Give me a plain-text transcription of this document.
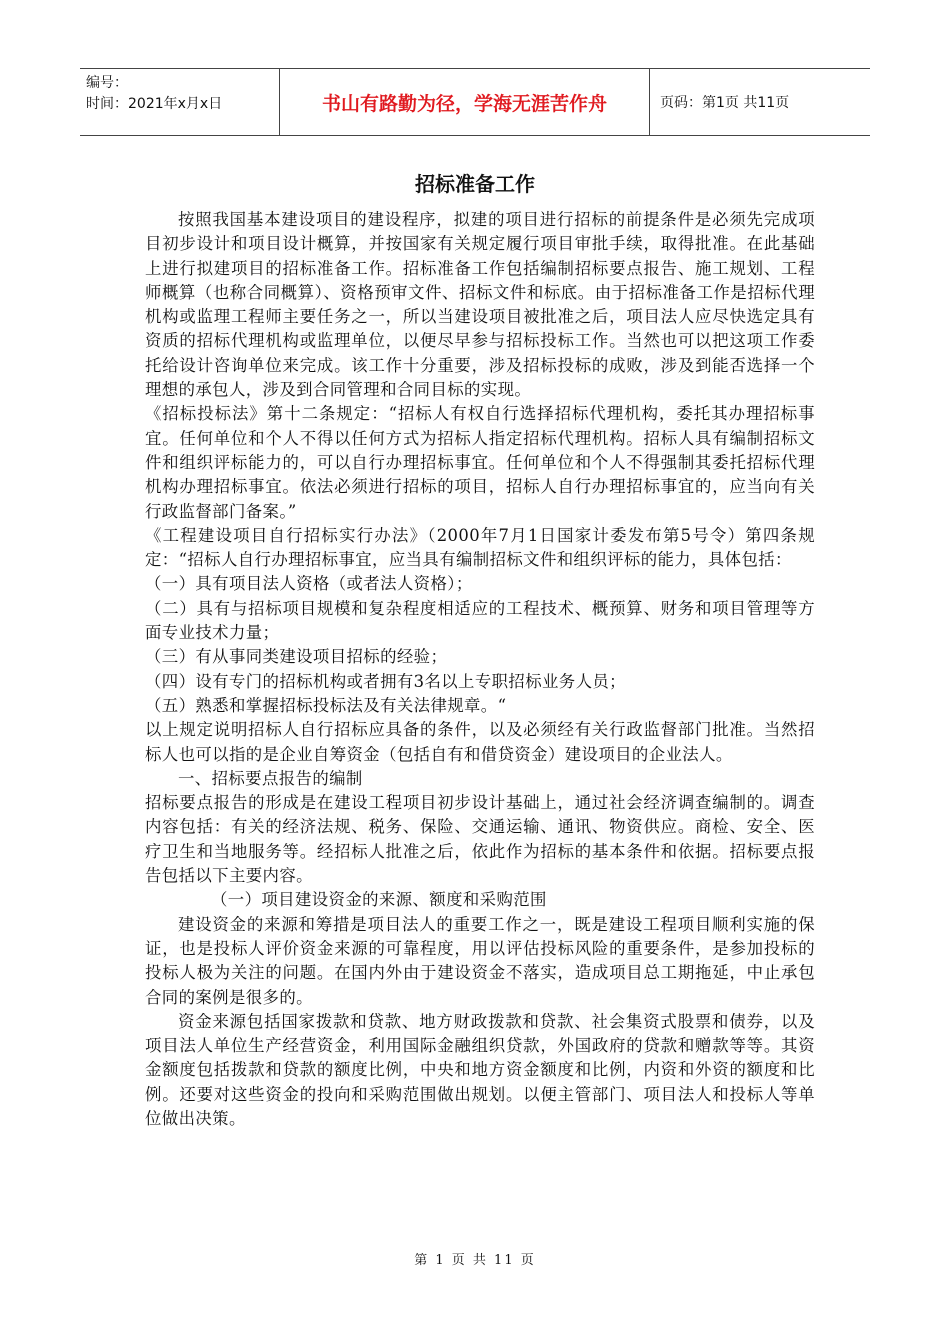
编号：
时间：2021年x月x日	书山有路勤为径，学海无涯苦作舟	页码：第1页 共11页
招标准备工作

按照我国基本建设项目的建设程序，拟建的项目进行招标的前提条件是必须先完成项目初步设计和项目设计概算，并按国家有关规定履行项目审批手续，取得批准。在此基础上进行拟建项目的招标准备工作。招标准备工作包括编制招标要点报告、施工规划、工程师概算（也称合同概算）、资格预审文件、招标文件和标底。由于招标准备工作是招标代理机构或监理工程师主要任务之一，所以当建设项目被批准之后，项目法人应尽快选定具有资质的招标代理机构或监理单位，以便尽早参与招标投标工作。当然也可以把这项工作委托给设计咨询单位来完成。该工作十分重要，涉及招标投标的成败，涉及到能否选择一个理想的承包人，涉及到合同管理和合同目标的实现。

《招标投标法》第十二条规定：“招标人有权自行选择招标代理机构，委托其办理招标事宜。任何单位和个人不得以任何方式为招标人指定招标代理机构。招标人具有编制招标文件和组织评标能力的，可以自行办理招标事宜。任何单位和个人不得强制其委托招标代理机构办理招标事宜。依法必须进行招标的项目，招标人自行办理招标事宜的，应当向有关行政监督部门备案。”

《工程建设项目自行招标实行办法》（2000年7月1日国家计委发布第5号令）第四条规定：“招标人自行办理招标事宜，应当具有编制招标文件和组织评标的能力，具体包括：

（一）具有项目法人资格（或者法人资格）；

（二）具有与招标项目规模和复杂程度相适应的工程技术、概预算、财务和项目管理等方面专业技术力量；

（三）有从事同类建设项目招标的经验；

（四）设有专门的招标机构或者拥有3名以上专职招标业务人员；

（五）熟悉和掌握招标投标法及有关法律规章。“

以上规定说明招标人自行招标应具备的条件，以及必须经有关行政监督部门批准。当然招标人也可以指的是企业自筹资金（包括自有和借贷资金）建设项目的企业法人。

一、招标要点报告的编制

招标要点报告的形成是在建设工程项目初步设计基础上，通过社会经济调查编制的。调查内容包括：有关的经济法规、税务、保险、交通运输、通讯、物资供应。商检、安全、医疗卫生和当地服务等。经招标人批准之后，依此作为招标的基本条件和依据。招标要点报告包括以下主要内容。

（一）项目建设资金的来源、额度和采购范围

建设资金的来源和筹措是项目法人的重要工作之一，既是建设工程项目顺利实施的保证，也是投标人评价资金来源的可靠程度，用以评估投标风险的重要条件，是参加投标的投标人极为关注的问题。在国内外由于建设资金不落实，造成项目总工期拖延，中止承包合同的案例是很多的。

资金来源包括国家拨款和贷款、地方财政拨款和贷款、社会集资式股票和债券，以及项目法人单位生产经营资金，利用国际金融组织贷款，外国政府的贷款和赠款等等。其资金额度包括拨款和贷款的额度比例，中央和地方资金额度和比例，内资和外资的额度和比例。还要对这些资金的投向和采购范围做出规划。以便主管部门、项目法人和投标人等单位做出决策。

第 1 页 共 11 页
